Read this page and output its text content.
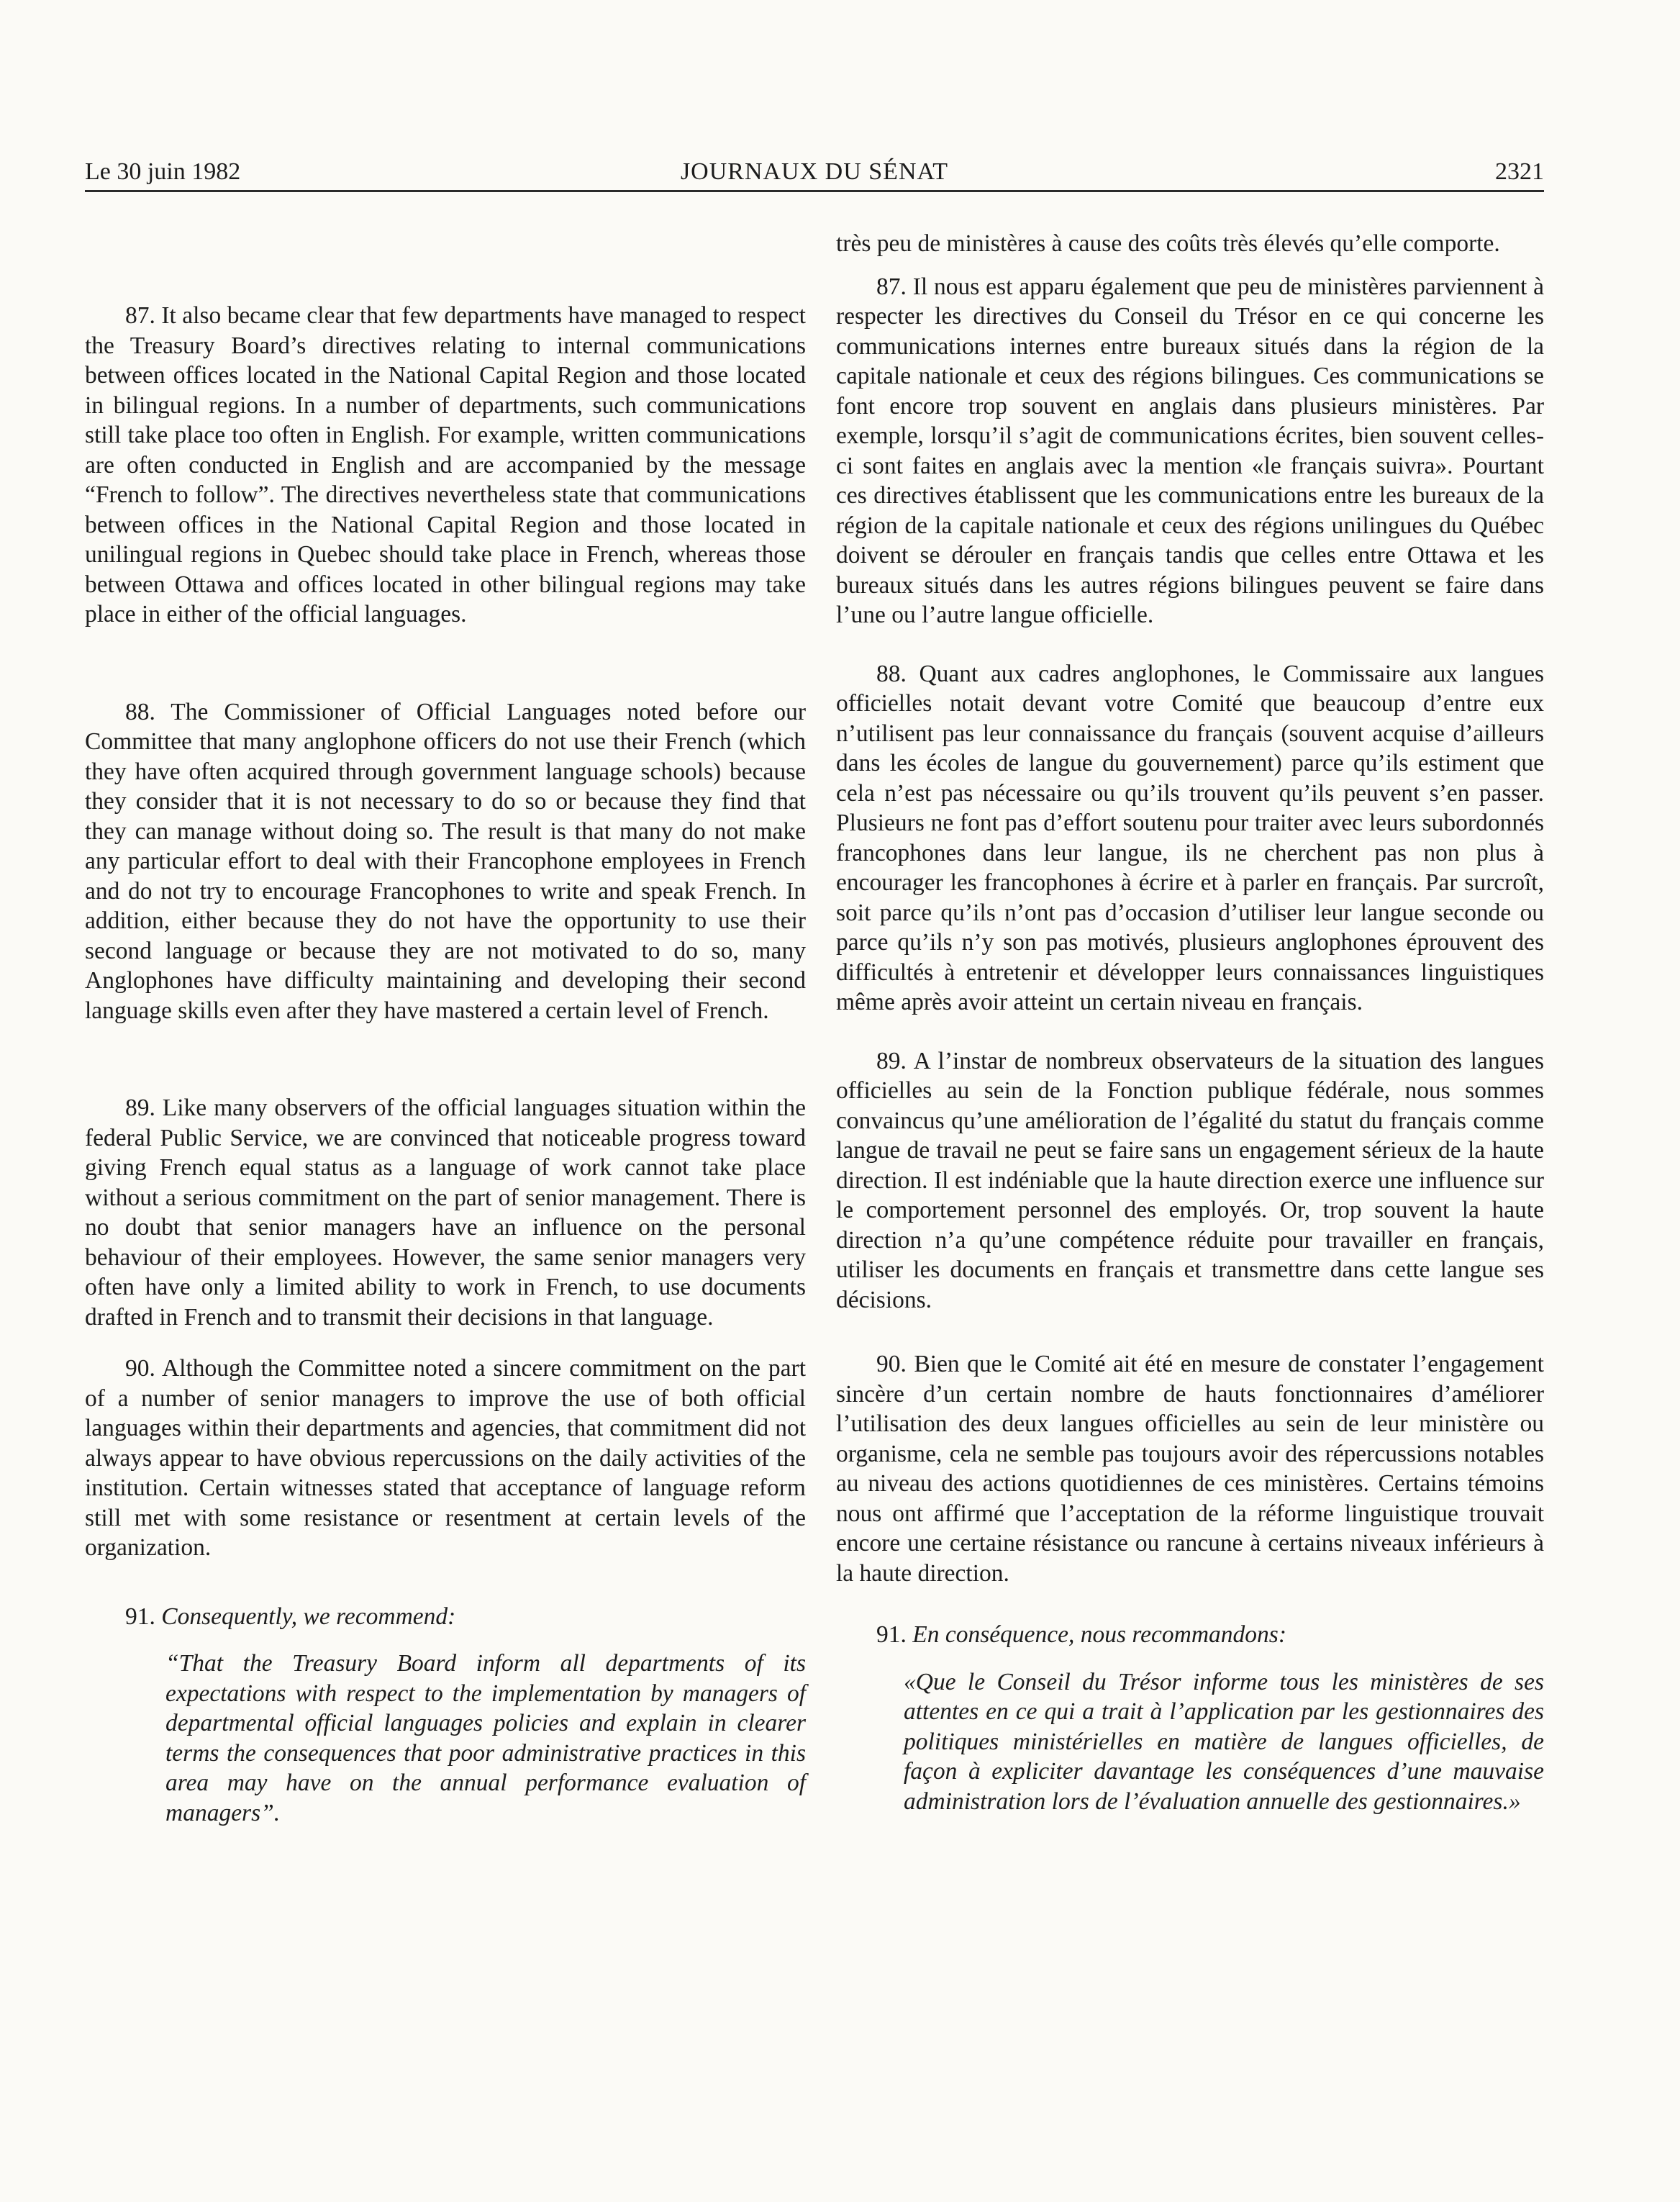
Le 30 juin 1982	JOURNAUX DU SÉNAT	2321

87. It also became clear that few departments have managed to respect the Treasury Board’s directives relating to internal communications between offices located in the National Capital Region and those located in bilingual regions. In a number of departments, such communications still take place too often in English. For example, written communications are often conducted in English and are accompanied by the message “French to follow”. The directives nevertheless state that communications between offices in the National Capital Region and those located in unilingual regions in Quebec should take place in French, whereas those between Ottawa and offices located in other bilingual regions may take place in either of the official languages.

88. The Commissioner of Official Languages noted before our Committee that many anglophone officers do not use their French (which they have often acquired through government language schools) because they consider that it is not necessary to do so or because they find that they can manage without doing so. The result is that many do not make any particular effort to deal with their Francophone employees in French and do not try to encourage Francophones to write and speak French. In addition, either because they do not have the opportunity to use their second language or because they are not motivated to do so, many Anglophones have difficulty maintaining and developing their second language skills even after they have mastered a certain level of French.

89. Like many observers of the official languages situation within the federal Public Service, we are convinced that noticeable progress toward giving French equal status as a language of work cannot take place without a serious commitment on the part of senior management. There is no doubt that senior managers have an influence on the personal behaviour of their employees. However, the same senior managers very often have only a limited ability to work in French, to use documents drafted in French and to transmit their decisions in that language.

90. Although the Committee noted a sincere commitment on the part of a number of senior managers to improve the use of both official languages within their departments and agencies, that commitment did not always appear to have obvious repercussions on the daily activities of the institution. Certain witnesses stated that acceptance of language reform still met with some resistance or resentment at certain levels of the organization.

91. Consequently, we recommend:

“That the Treasury Board inform all departments of its expectations with respect to the implementation by managers of departmental official languages policies and explain in clearer terms the consequences that poor administrative practices in this area may have on the annual performance evaluation of managers”.

très peu de ministères à cause des coûts très élevés qu’elle comporte.

87. Il nous est apparu également que peu de ministères parviennent à respecter les directives du Conseil du Trésor en ce qui concerne les communications internes entre bureaux situés dans la région de la capitale nationale et ceux des régions bilingues. Ces communications se font encore trop souvent en anglais dans plusieurs ministères. Par exemple, lorsqu’il s’agit de communications écrites, bien souvent celles-ci sont faites en anglais avec la mention «le français suivra». Pourtant ces directives établissent que les communications entre les bureaux de la région de la capitale nationale et ceux des régions unilingues du Québec doivent se dérouler en français tandis que celles entre Ottawa et les bureaux situés dans les autres régions bilingues peuvent se faire dans l’une ou l’autre langue officielle.

88. Quant aux cadres anglophones, le Commissaire aux langues officielles notait devant votre Comité que beaucoup d’entre eux n’utilisent pas leur connaissance du français (souvent acquise d’ailleurs dans les écoles de langue du gouvernement) parce qu’ils estiment que cela n’est pas nécessaire ou qu’ils trouvent qu’ils peuvent s’en passer. Plusieurs ne font pas d’effort soutenu pour traiter avec leurs subordonnés francophones dans leur langue, ils ne cherchent pas non plus à encourager les francophones à écrire et à parler en français. Par surcroît, soit parce qu’ils n’ont pas d’occasion d’utiliser leur langue seconde ou parce qu’ils n’y son pas motivés, plusieurs anglophones éprouvent des difficultés à entretenir et développer leurs connaissances linguistiques même après avoir atteint un certain niveau en français.

89. A l’instar de nombreux observateurs de la situation des langues officielles au sein de la Fonction publique fédérale, nous sommes convaincus qu’une amélioration de l’égalité du statut du français comme langue de travail ne peut se faire sans un engagement sérieux de la haute direction. Il est indéniable que la haute direction exerce une influence sur le comportement personnel des employés. Or, trop souvent la haute direction n’a qu’une compétence réduite pour travailler en français, utiliser les documents en français et transmettre dans cette langue ses décisions.

90. Bien que le Comité ait été en mesure de constater l’engagement sincère d’un certain nombre de hauts fonctionnaires d’améliorer l’utilisation des deux langues officielles au sein de leur ministère ou organisme, cela ne semble pas toujours avoir des répercussions notables au niveau des actions quotidiennes de ces ministères. Certains témoins nous ont affirmé que l’acceptation de la réforme linguistique trouvait encore une certaine résistance ou rancune à certains niveaux inférieurs à la haute direction.

91. En conséquence, nous recommandons:

«Que le Conseil du Trésor informe tous les ministères de ses attentes en ce qui a trait à l’application par les gestionnaires des politiques ministérielles en matière de langues officielles, de façon à expliciter davantage les conséquences d’une mauvaise administration lors de l’évaluation annuelle des gestionnaires.»
